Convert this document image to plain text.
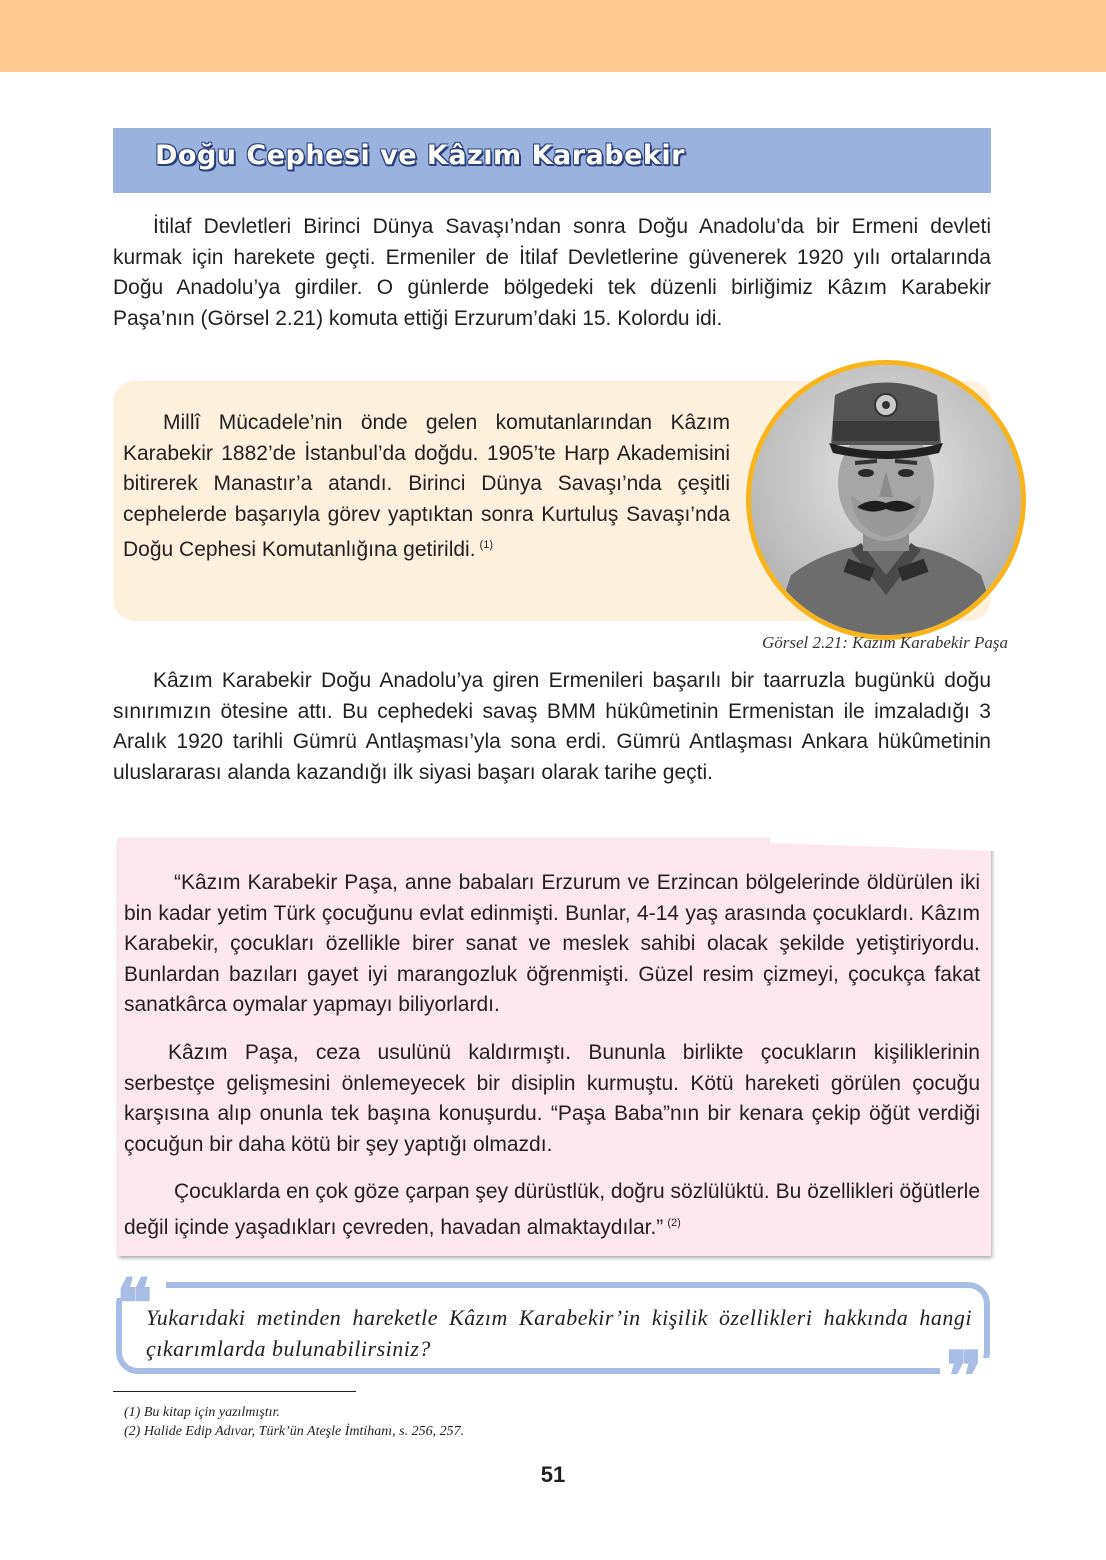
Doğu Cephesi ve Kâzım Karabekir

İtilaf Devletleri Birinci Dünya Savaşı’ndan sonra Doğu Anadolu’da bir Ermeni devleti kurmak için harekete geçti. Ermeniler de İtilaf Devletlerine güvenerek 1920 yılı ortalarında Doğu Anadolu’ya girdiler. O günlerde bölgedeki tek düzenli birliğimiz Kâzım Karabekir Paşa’nın (Görsel 2.21) komuta ettiği Erzurum’daki 15. Kolordu idi.

Millî Mücadele’nin önde gelen komutanlarından Kâzım Karabekir 1882’de İstanbul’da doğdu. 1905’te Harp Akademisini bitirerek Manastır’a atandı. Birinci Dünya Savaşı’nda çeşitli cephelerde başarıyla görev yaptıktan sonra Kurtuluş Savaşı’nda Doğu Cephesi Komutanlığına getirildi. $^{(1)}$

Görsel 2.21: Kazım Karabekir Paşa

Kâzım Karabekir Doğu Anadolu’ya giren Ermenileri başarılı bir taarruzla bugünkü doğu sınırımızın ötesine attı. Bu cephedeki savaş BMM hükûmetinin Ermenistan ile imzaladığı 3 Aralık 1920 tarihli Gümrü Antlaşması’yla sona erdi. Gümrü Antlaşması Ankara hükûmetinin uluslararası alanda kazandığı ilk siyasi başarı olarak tarihe geçti.

“Kâzım Karabekir Paşa, anne babaları Erzurum ve Erzincan bölgelerinde öldürülen iki bin kadar yetim Türk çocuğunu evlat edinmişti. Bunlar, 4-14 yaş arasında çocuklardı. Kâzım Karabekir, çocukları özellikle birer sanat ve meslek sahibi olacak şekilde yetiştiriyordu. Bunlardan bazıları gayet iyi marangozluk öğrenmişti. Güzel resim çizmeyi, çocukça fakat sanatkârca oymalar yapmayı biliyorlardı.

Kâzım Paşa, ceza usulünü kaldırmıştı. Bununla birlikte çocukların kişiliklerinin serbestçe gelişmesini önlemeyecek bir disiplin kurmuştu. Kötü hareketi görülen çocuğu karşısına alıp onunla tek başına konuşurdu. “Paşa Baba”nın bir kenara çekip öğüt verdiği çocuğun bir daha kötü bir şey yaptığı olmazdı.

Çocuklarda en çok göze çarpan şey dürüstlük, doğru sözlülüktü. Bu özellikleri öğütlerle değil içinde yaşadıkları çevreden, havadan almaktaydılar.” $^{(2)}$

❝
❞

Yukarıdaki metinden hareketle Kâzım Karabekir’in kişilik özellikleri hakkında hangi çıkarımlarda bulunabilirsiniz?

(1) Bu kitap için yazılmıştır.

(2) Halide Edip Adıvar, Türk’ün Ateşle İmtihanı, s. 256, 257.

51
